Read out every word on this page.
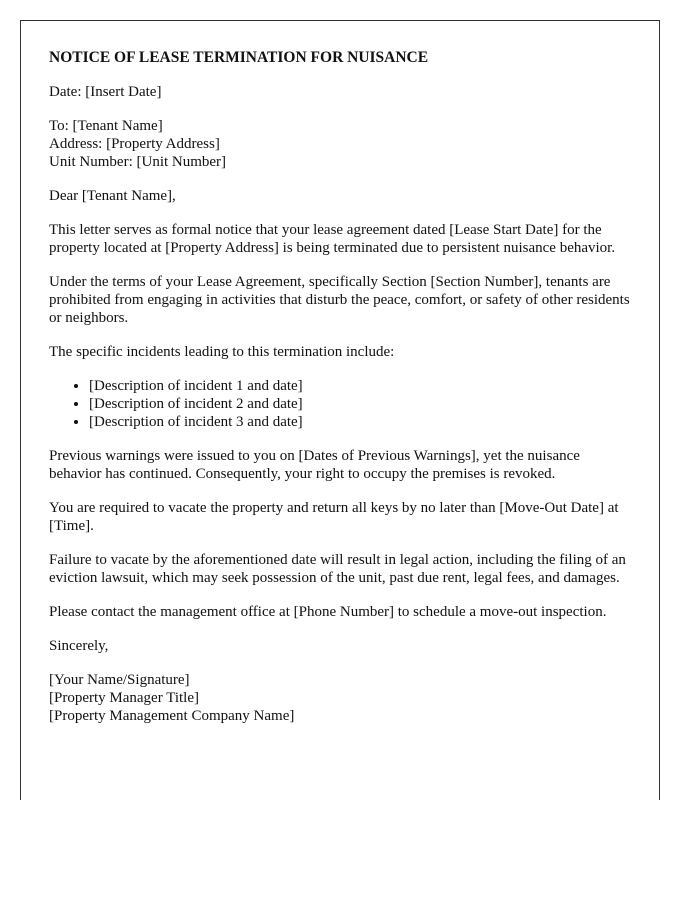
NOTICE OF LEASE TERMINATION FOR NUISANCE

Date: [Insert Date]

To: [Tenant Name]
Address: [Property Address]
Unit Number: [Unit Number]

Dear [Tenant Name],

This letter serves as formal notice that your lease agreement dated [Lease Start Date] for the property located at [Property Address] is being terminated due to persistent nuisance behavior.

Under the terms of your Lease Agreement, specifically Section [Section Number], tenants are prohibited from engaging in activities that disturb the peace, comfort, or safety of other residents or neighbors.

The specific incidents leading to this termination include:

• [Description of incident 1 and date]
• [Description of incident 2 and date]
• [Description of incident 3 and date]

Previous warnings were issued to you on [Dates of Previous Warnings], yet the nuisance behavior has continued. Consequently, your right to occupy the premises is revoked.

You are required to vacate the property and return all keys by no later than [Move-Out Date] at [Time].

Failure to vacate by the aforementioned date will result in legal action, including the filing of an eviction lawsuit, which may seek possession of the unit, past due rent, legal fees, and damages.

Please contact the management office at [Phone Number] to schedule a move-out inspection.

Sincerely,

[Your Name/Signature]
[Property Manager Title]
[Property Management Company Name]
